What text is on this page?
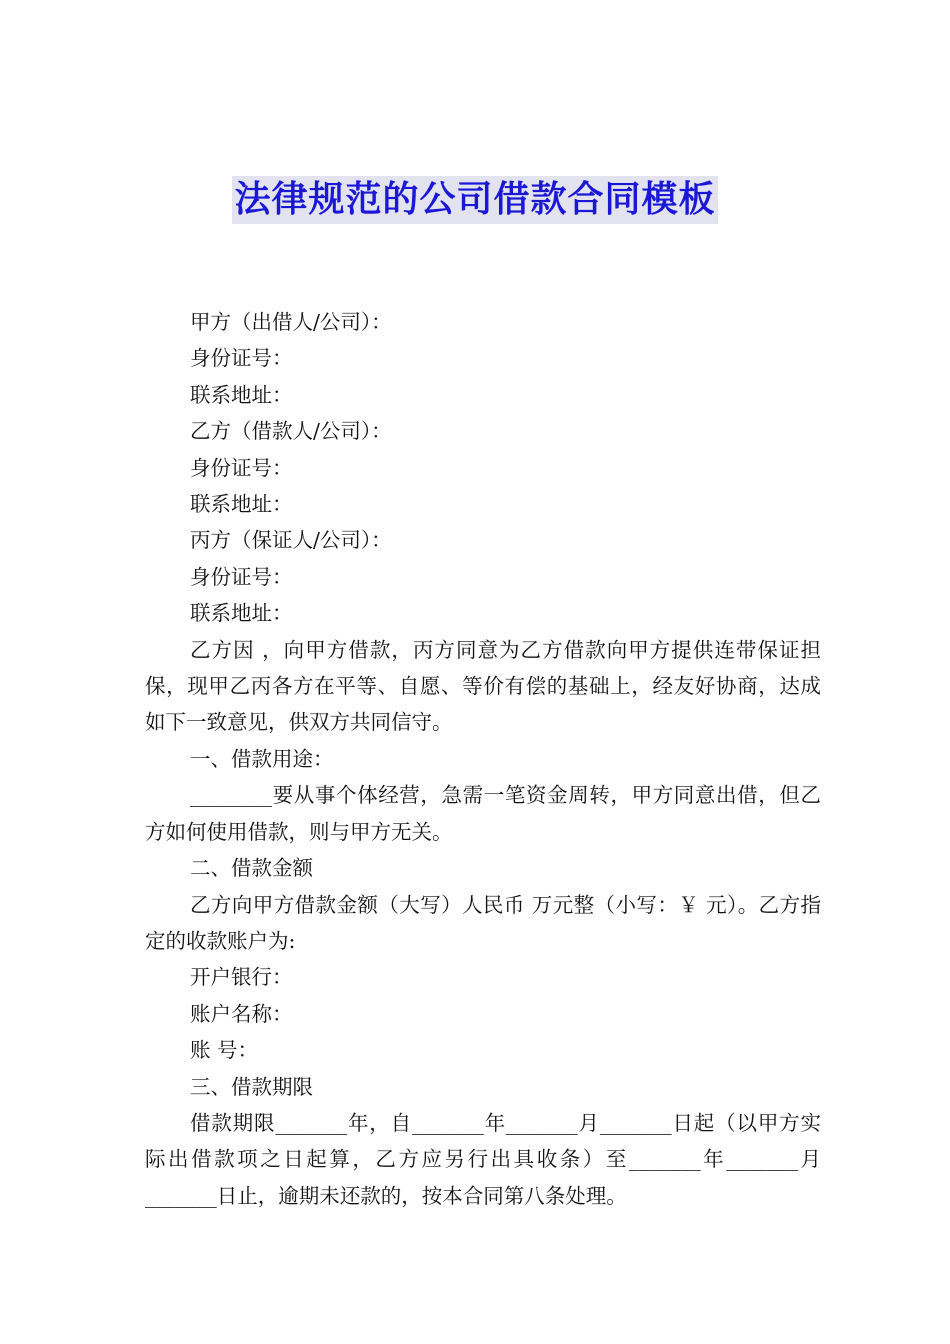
法律规范的公司借款合同模板

甲方（出借人/公司）：

身份证号：

联系地址：

乙方（借款人/公司）：

身份证号：

联系地址：

丙方（保证人/公司）：

身份证号：

联系地址：

乙方因 ，向甲方借款，丙方同意为乙方借款向甲方提供连带保证担保，现甲乙丙各方在平等、自愿、等价有偿的基础上，经友好协商，达成如下一致意见，供双方共同信守。

一、借款用途：

________要从事个体经营，急需一笔资金周转，甲方同意出借，但乙方如何使用借款，则与甲方无关。

二、借款金额

乙方向甲方借款金额（大写）人民币 万元整（小写：￥ 元）。乙方指定的收款账户为:

开户银行：

账户名称：

账 号：

三、借款期限

借款期限_______年，自_______年_______月_______日起（以甲方实际出借款项之日起算，乙方应另行出具收条）至_______年_______月_______日止，逾期未还款的，按本合同第八条处理。
